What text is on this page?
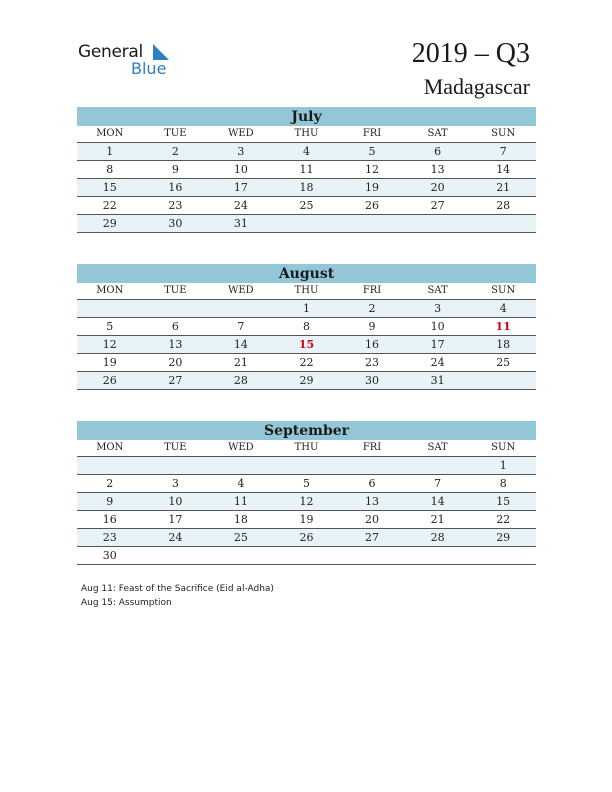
General
Blue	2019 – Q3
Madagascar
July
MON	TUE	WED	THU	FRI	SAT	SUN
1	2	3	4	5	6	7
8	9	10	11	12	13	14
15	16	17	18	19	20	21
22	23	24	25	26	27	28
29	30	31				
August
MON	TUE	WED	THU	FRI	SAT	SUN
			1	2	3	4
5	6	7	8	9	10	11
12	13	14	15	16	17	18
19	20	21	22	23	24	25
26	27	28	29	30	31	
September
MON	TUE	WED	THU	FRI	SAT	SUN
						1
2	3	4	5	6	7	8
9	10	11	12	13	14	15
16	17	18	19	20	21	22
23	24	25	26	27	28	29
30						
Aug 11: Feast of the Sacrifice (Eid al-Adha)
Aug 15: Assumption
